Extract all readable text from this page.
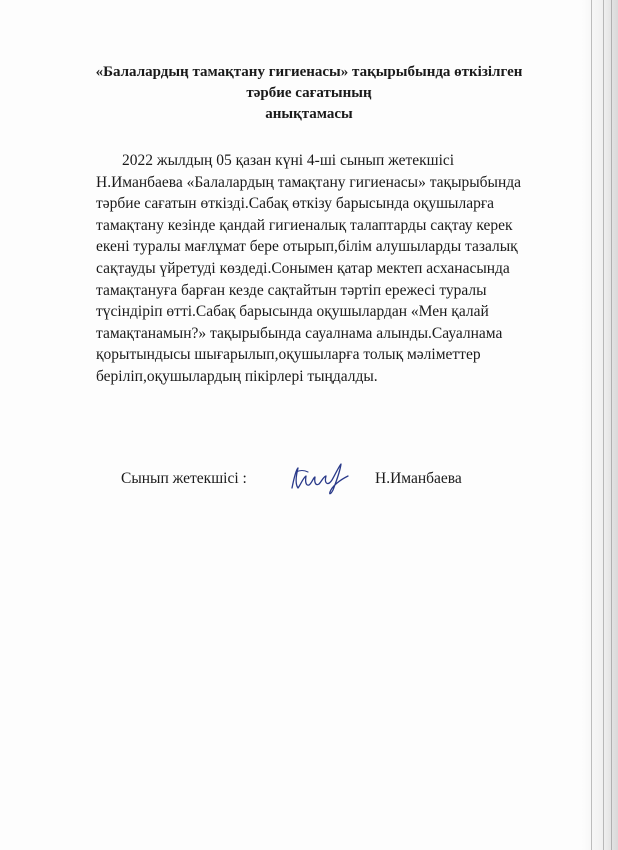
«Балалардың тамақтану гигиенасы» тақырыбында өткізілген
тәрбие сағатының
анықтамасы
2022 жылдың 05 қазан күні 4-ші сынып жетекшісі
Н.Иманбаева «Балалардың тамақтану гигиенасы» тақырыбында
тәрбие сағатын өткізді.Сабақ өткізу барысында оқушыларға
тамақтану кезінде қандай гигиеналық талаптарды сақтау керек
екені туралы мағлұмат бере отырып,білім алушыларды тазалық
сақтауды үйретуді көздеді.Сонымен қатар мектеп асханасында
тамақтануға барған кезде сақтайтын тәртіп ережесі туралы
түсіндіріп өтті.Сабақ барысында оқушылардан «Мен қалай
тамақтанамын?» тақырыбында сауалнама алынды.Сауалнама
қорытындысы шығарылып,оқушыларға толық мәліметтер
беріліп,оқушылардың пікірлері тыңдалды.
Сынып жетекшісі :	Н.Иманбаева
